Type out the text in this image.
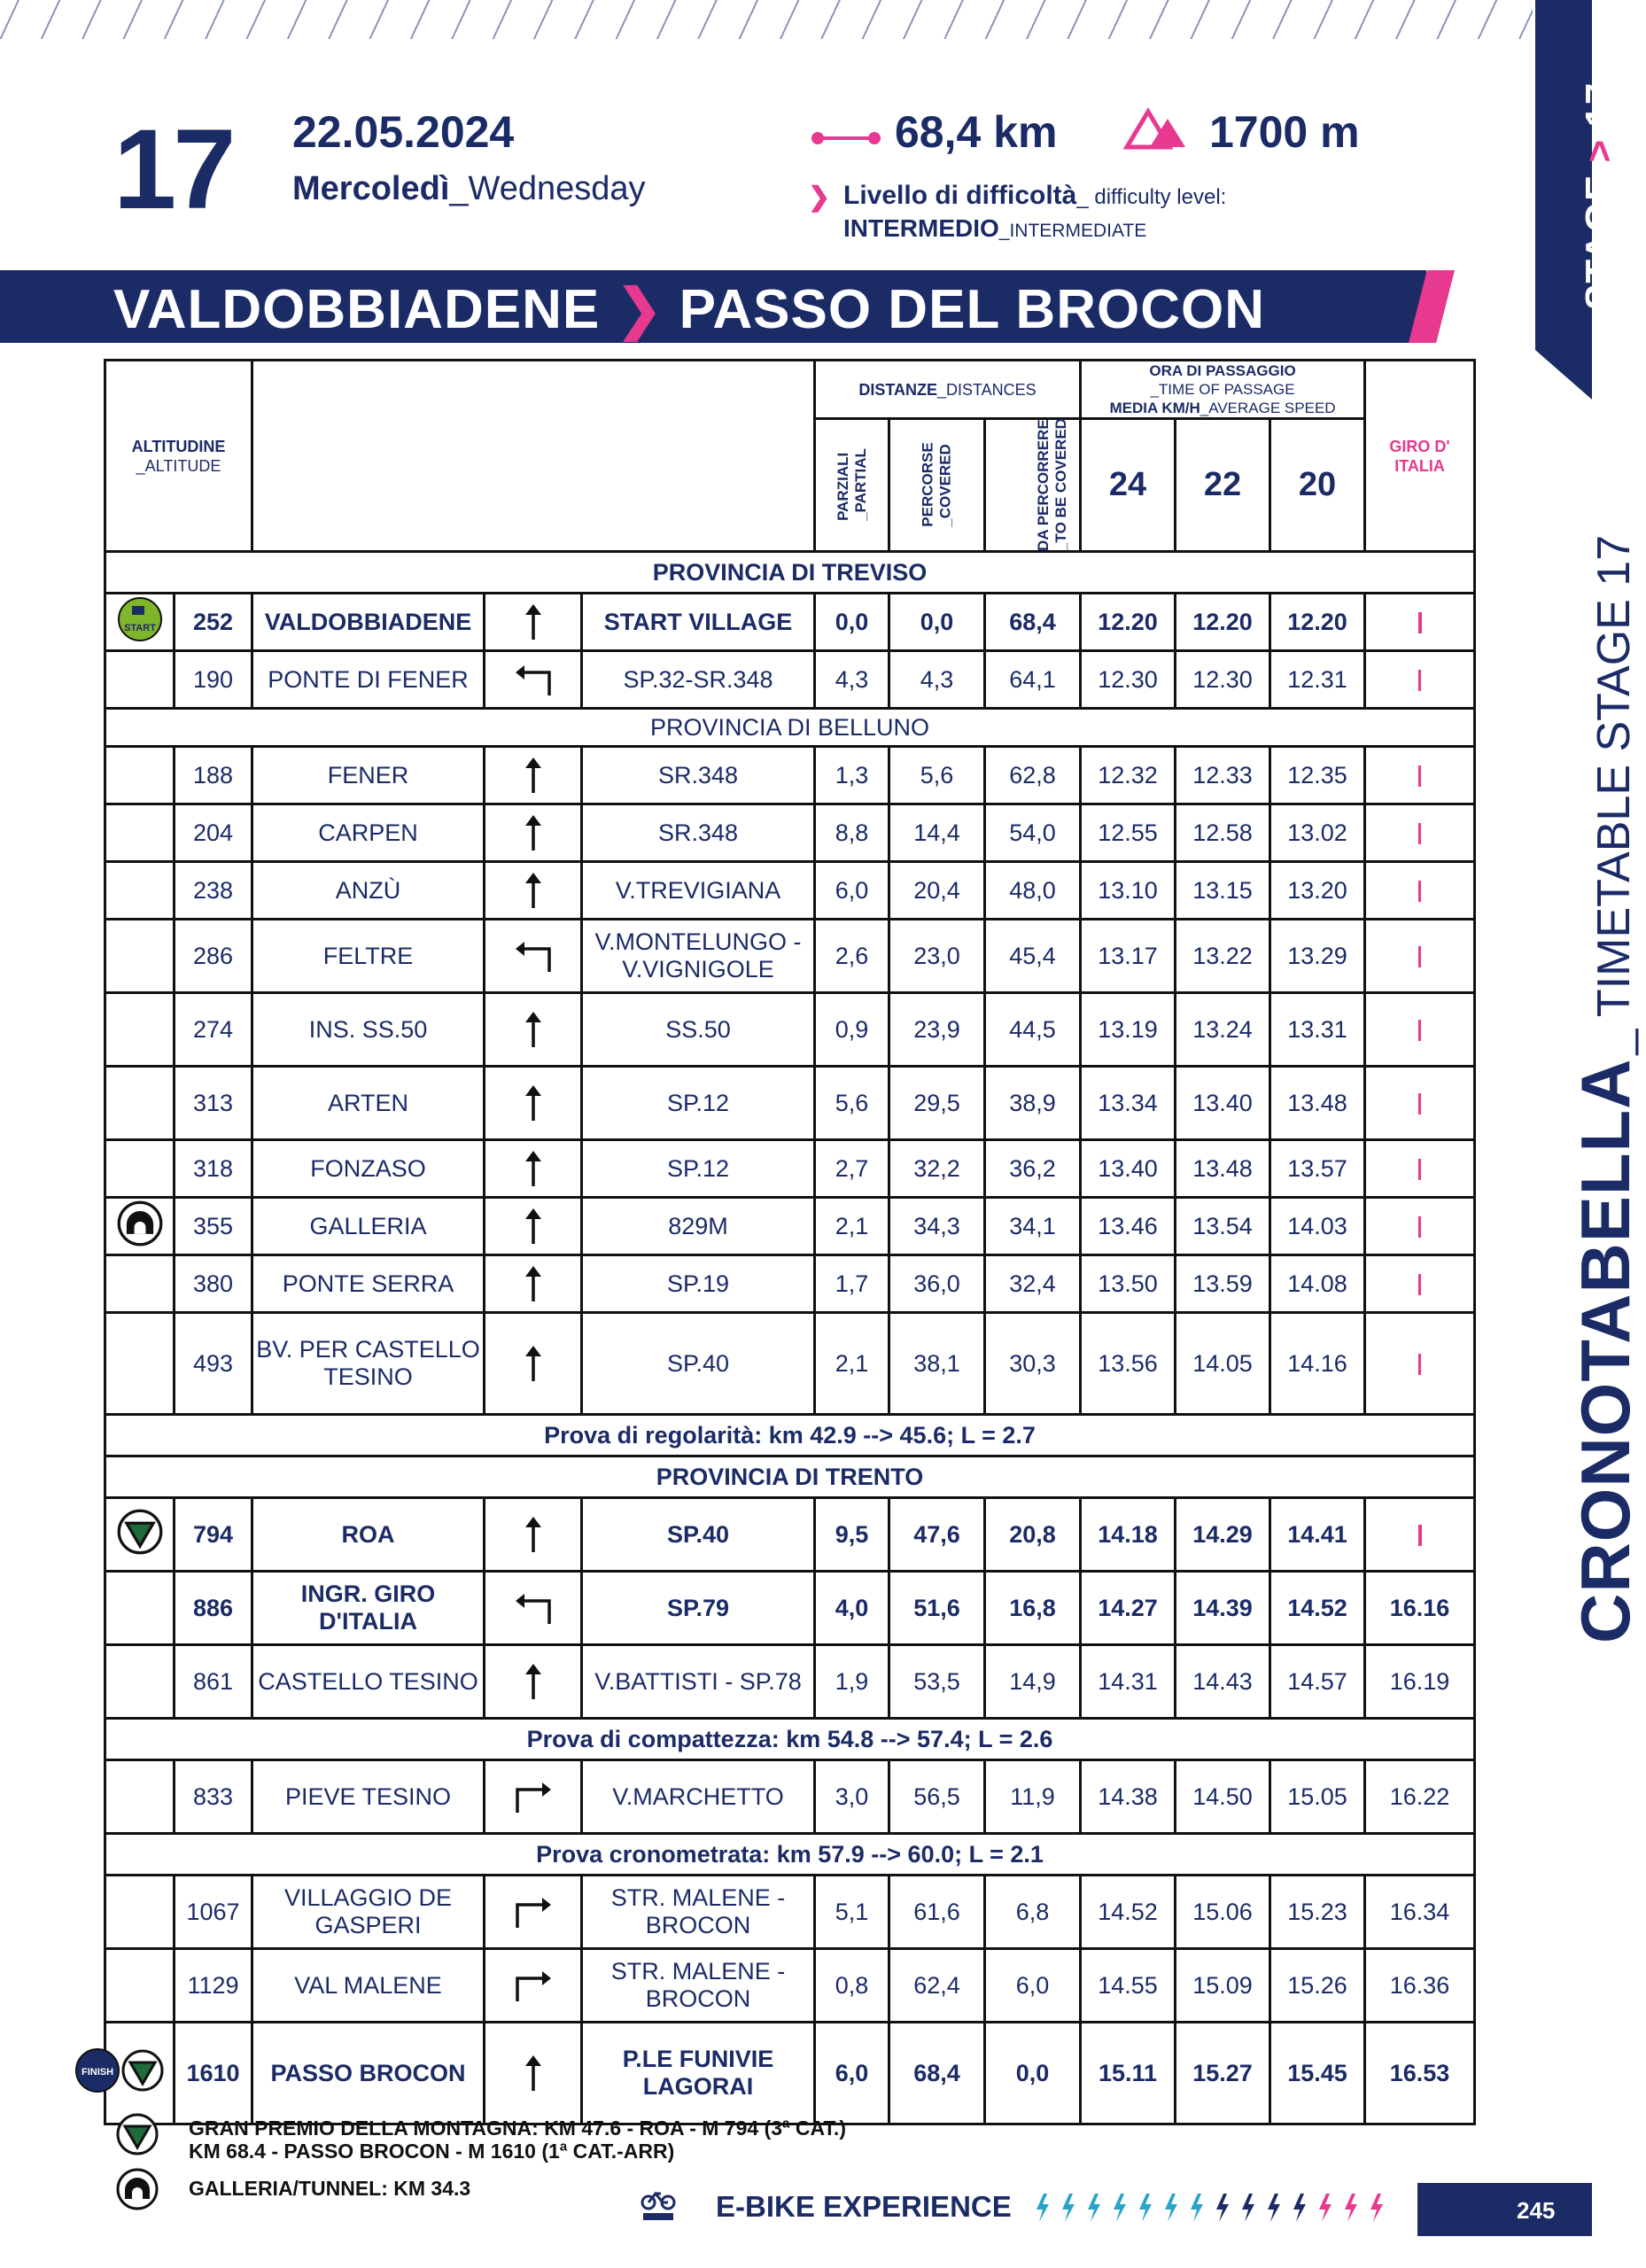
STAGE > 17
CRONOTABELLA_ TIMETABLE STAGE 17
17 22.05.2024
Mercoledì_Wednesday
68,4 km	1700 m
❯ Livello di difficoltà_ difficulty level:
INTERMEDIO_INTERMEDIATE
VALDOBBIADENE ❯ PASSO DEL BROCON
ALTITUDINE
_ALTITUDE					DISTANZE_DISTANCES			ORA DI PASSAGGIO
_TIME OF PASSAGE
MEDIA KM/H_AVERAGE SPEED			GIRO D' ITALIA

					PARZIALI
_PARTIAL	PERCORSE
_COVERED	DA PERCORRERE
_TO BE COVERED	24	22	20	
PROVINCIA DI TREVISO											

START	252	VALDOBBIADENE		START VILLAGE	0,0	0,0	68,4	12.20	12.20	12.20	
	190	PONTE DI FENER		SP.32-SR.348	4,3	4,3	64,1	12.30	12.30	12.31	
PROVINCIA DI BELLUNO											
	188	FENER		SR.348	1,3	5,6	62,8	12.32	12.33	12.35	
	204	CARPEN		SR.348	8,8	14,4	54,0	12.55	12.58	13.02	
	238	ANZÙ		V.TREVIGIANA	6,0	20,4	48,0	13.10	13.15	13.20	
	286	FELTRE		V.MONTELUNGO - V.VIGNIGOLE	2,6	23,0	45,4	13.17	13.22	13.29	
	274	INS. SS.50		SS.50	0,9	23,9	44,5	13.19	13.24	13.31	
	313	ARTEN		SP.12	5,6	29,5	38,9	13.34	13.40	13.48	
	318	FONZASO		SP.12	2,7	32,2	36,2	13.40	13.48	13.57	
	355	GALLERIA		829M	2,1	34,3	34,1	13.46	13.54	14.03	
	380	PONTE SERRA		SP.19	1,7	36,0	32,4	13.50	13.59	14.08	
	493	BV. PER CASTELLO TESINO		SP.40	2,1	38,1	30,3	13.56	14.05	14.16	
Prova di regolarità: km 42.9 --> 45.6; L = 2.7											
PROVINCIA DI TRENTO											
	794	ROA		SP.40	9,5	47,6	20,8	14.18	14.29	14.41	
	886	INGR. GIRO D'ITALIA		SP.79	4,0	51,6	16,8	14.27	14.39	14.52	16.16
	861	CASTELLO TESINO		V.BATTISTI - SP.78	1,9	53,5	14,9	14.31	14.43	14.57	16.19
Prova di compattezza: km 54.8 --> 57.4; L = 2.6											
	833	PIEVE TESINO		V.MARCHETTO	3,0	56,5	11,9	14.38	14.50	15.05	16.22
Prova cronometrata: km 57.9 --> 60.0; L = 2.1											
	1067	VILLAGGIO DE GASPERI		STR. MALENE - BROCON	5,1	61,6	6,8	14.52	15.06	15.23	16.34
	1129	VAL MALENE		STR. MALENE - BROCON	0,8	62,4	6,0	14.55	15.09	15.26	16.36

FINISH	1610	PASSO BROCON		P.LE FUNIVIE LAGORAI	6,0	68,4	0,0	15.11	15.27	15.45	16.53
GRAN PREMIO DELLA MONTAGNA: KM 47.6 - ROA - M 794 (3ª CAT.)
KM 68.4 - PASSO BROCON - M 1610 (1ª CAT.-ARR)
GALLERIA/TUNNEL: KM 34.3
E-BIKE EXPERIENCE	245
